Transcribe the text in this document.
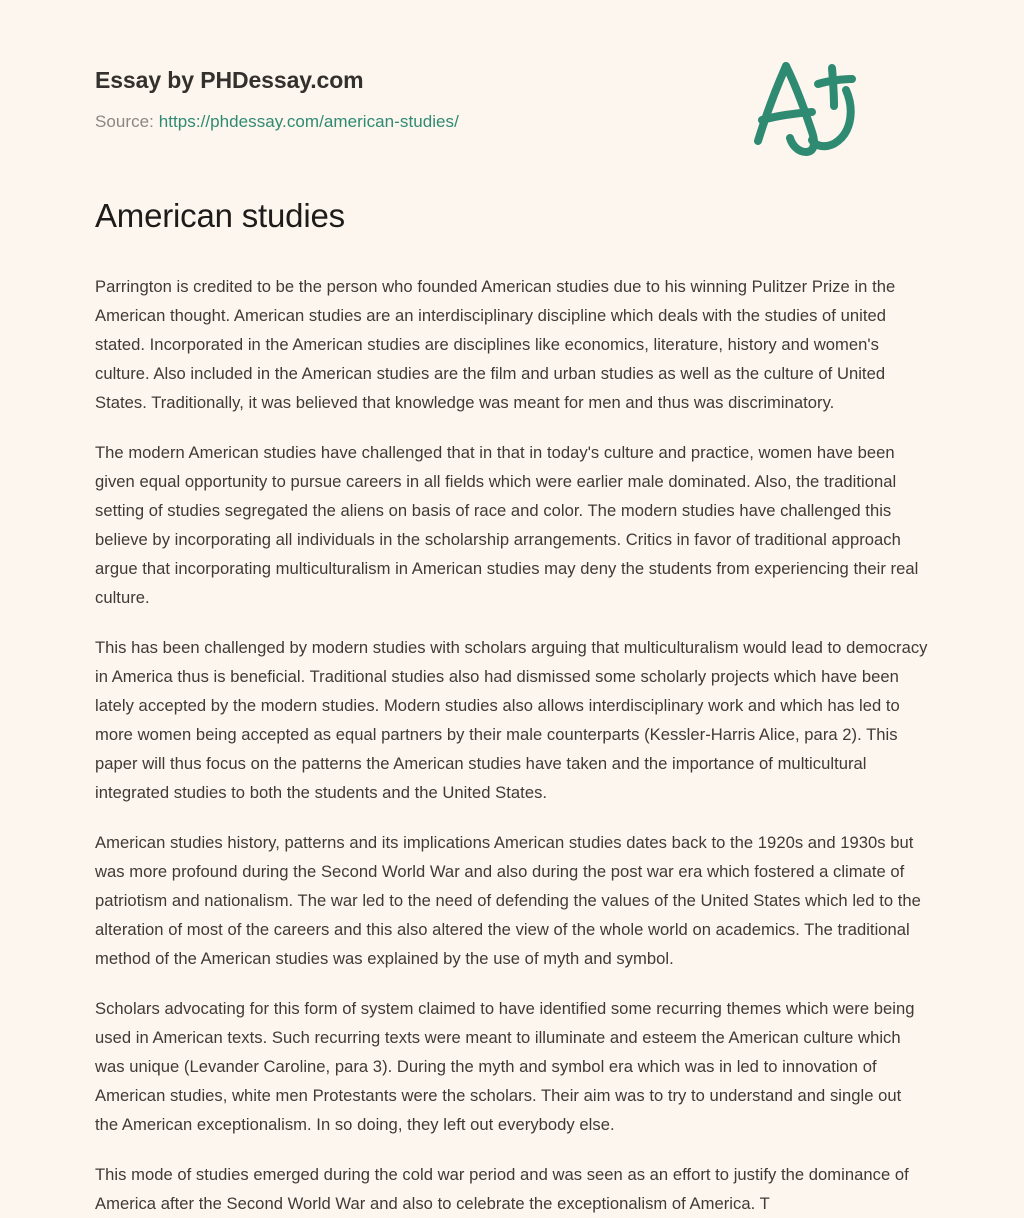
Essay by PHDessay.com
Source: https://phdessay.com/american-studies/
American studies

Parrington is credited to be the person who founded American studies due to his winning Pulitzer Prize in the American thought. American studies are an interdisciplinary discipline which deals with the studies of united stated. Incorporated in the American studies are disciplines like economics, literature, history and women's culture. Also included in the American studies are the film and urban studies as well as the culture of United States. Traditionally, it was believed that knowledge was meant for men and thus was discriminatory.

The modern American studies have challenged that in that in today's culture and practice, women have been given equal opportunity to pursue careers in all fields which were earlier male dominated. Also, the traditional setting of studies segregated the aliens on basis of race and color. The modern studies have challenged this believe by incorporating all individuals in the scholarship arrangements. Critics in favor of traditional approach argue that incorporating multiculturalism in American studies may deny the students from experiencing their real culture.

This has been challenged by modern studies with scholars arguing that multiculturalism would lead to democracy in America thus is beneficial. Traditional studies also had dismissed some scholarly projects which have been lately accepted by the modern studies. Modern studies also allows interdisciplinary work and which has led to more women being accepted as equal partners by their male counterparts (Kessler-Harris Alice, para 2). This paper will thus focus on the patterns the American studies have taken and the importance of multicultural integrated studies to both the students and the United States.

American studies history, patterns and its implications American studies dates back to the 1920s and 1930s but was more profound during the Second World War and also during the post war era which fostered a climate of patriotism and nationalism. The war led to the need of defending the values of the United States which led to the alteration of most of the careers and this also altered the view of the whole world on academics. The traditional method of the American studies was explained by the use of myth and symbol.

Scholars advocating for this form of system claimed to have identified some recurring themes which were being used in American texts. Such recurring texts were meant to illuminate and esteem the American culture which was unique (Levander Caroline, para 3). During the myth and symbol era which was in led to innovation of American studies, white men Protestants were the scholars. Their aim was to try to understand and single out the American exceptionalism. In so doing, they left out everybody else.

This mode of studies emerged during the cold war period and was seen as an effort to justify the dominance of America after the Second World War and also to celebrate the exceptionalism of America. T
